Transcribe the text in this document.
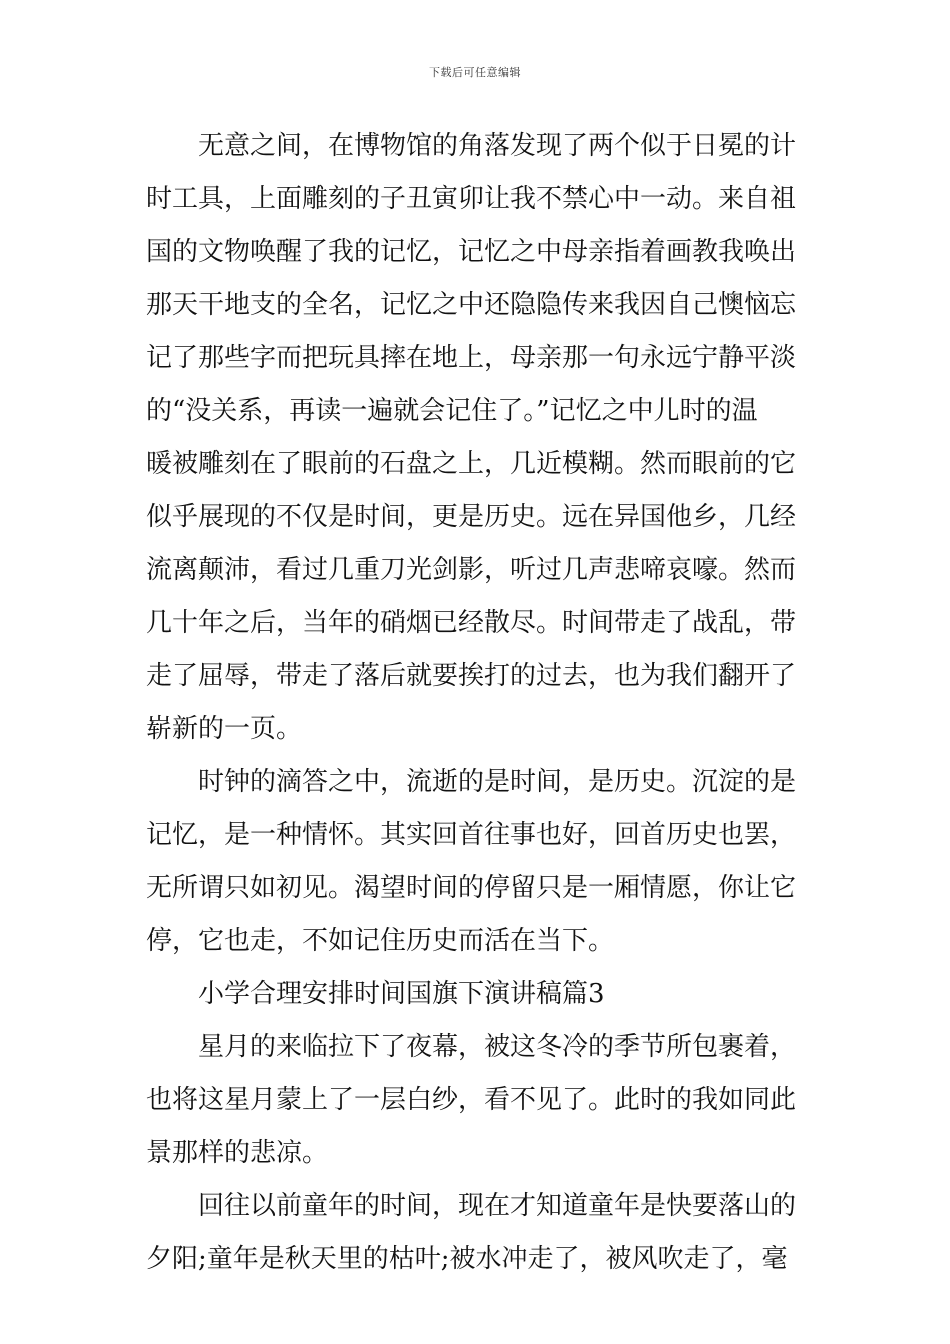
下载后可任意编辑
无意之间，在博物馆的角落发现了两个似于日冕的计
时工具，上面雕刻的子丑寅卯让我不禁心中一动。来自祖
国的文物唤醒了我的记忆，记忆之中母亲指着画教我唤出
那天干地支的全名，记忆之中还隐隐传来我因自己懊恼忘
记了那些字而把玩具摔在地上，母亲那一句永远宁静平淡
的“没关系，再读一遍就会记住了。”记忆之中儿时的温
暖被雕刻在了眼前的石盘之上，几近模糊。然而眼前的它
似乎展现的不仅是时间，更是历史。远在异国他乡，几经
流离颠沛，看过几重刀光剑影，听过几声悲啼哀嚎。然而
几十年之后，当年的硝烟已经散尽。时间带走了战乱，带
走了屈辱，带走了落后就要挨打的过去，也为我们翻开了
崭新的一页。
时钟的滴答之中，流逝的是时间，是历史。沉淀的是
记忆，是一种情怀。其实回首往事也好，回首历史也罢，
无所谓只如初见。渴望时间的停留只是一厢情愿，你让它
停，它也走，不如记住历史而活在当下。
小学合理安排时间国旗下演讲稿篇3
星月的来临拉下了夜幕，被这冬冷的季节所包裹着，
也将这星月蒙上了一层白纱，看不见了。此时的我如同此
景那样的悲凉。
回往以前童年的时间，现在才知道童年是快要落山的
夕阳;童年是秋天里的枯叶;被水冲走了，被风吹走了，毫
